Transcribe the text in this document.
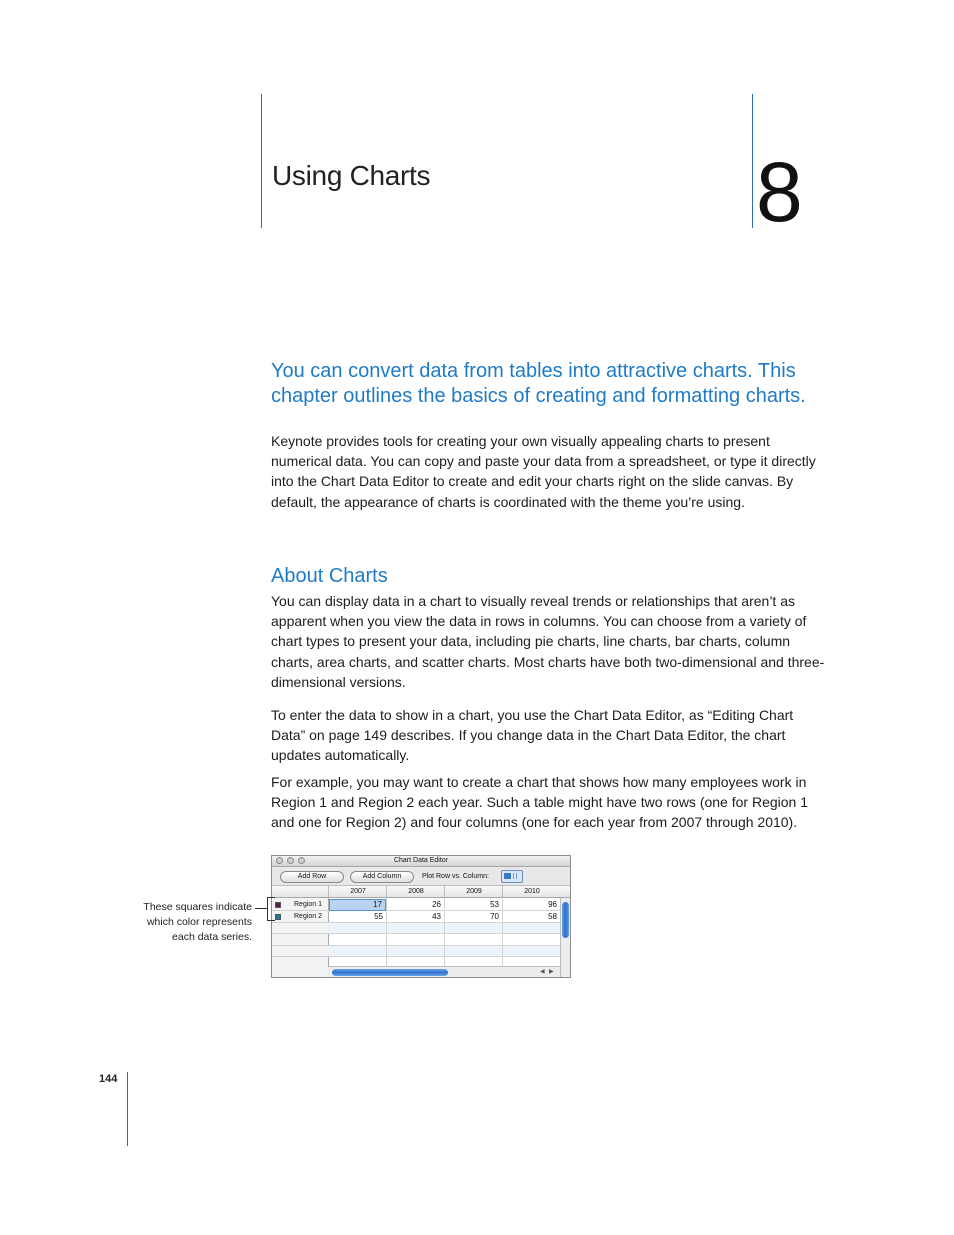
Using Charts	8
You can convert data from tables into attractive charts. This chapter outlines the basics of creating and formatting charts.
Keynote provides tools for creating your own visually appealing charts to present numerical data. You can copy and paste your data from a spreadsheet, or type it directly into the Chart Data Editor to create and edit your charts right on the slide canvas. By default, the appearance of charts is coordinated with the theme you’re using.
About Charts
You can display data in a chart to visually reveal trends or relationships that aren’t as apparent when you view the data in rows in columns. You can choose from a variety of chart types to present your data, including pie charts, line charts, bar charts, column charts, area charts, and scatter charts. Most charts have both two-dimensional and three-dimensional versions.
To enter the data to show in a chart, you use the Chart Data Editor, as “Editing Chart Data” on page 149 describes. If you change data in the Chart Data Editor, the chart updates automatically.
For example, you may want to create a chart that shows how many employees work in Region 1 and Region 2 each year. Such a table might have two rows (one for Region 1 and one for Region 2) and four columns (one for each year from 2007 through 2010).
Chart Data Editor
Add Row	Add Column	Plot Row vs. Column:
2007	2008	2009	2010
Region 1	17	26	53	96
Region 2	55	43	70	58
◀ ▶
These squares indicate which color represents each data series.
144
